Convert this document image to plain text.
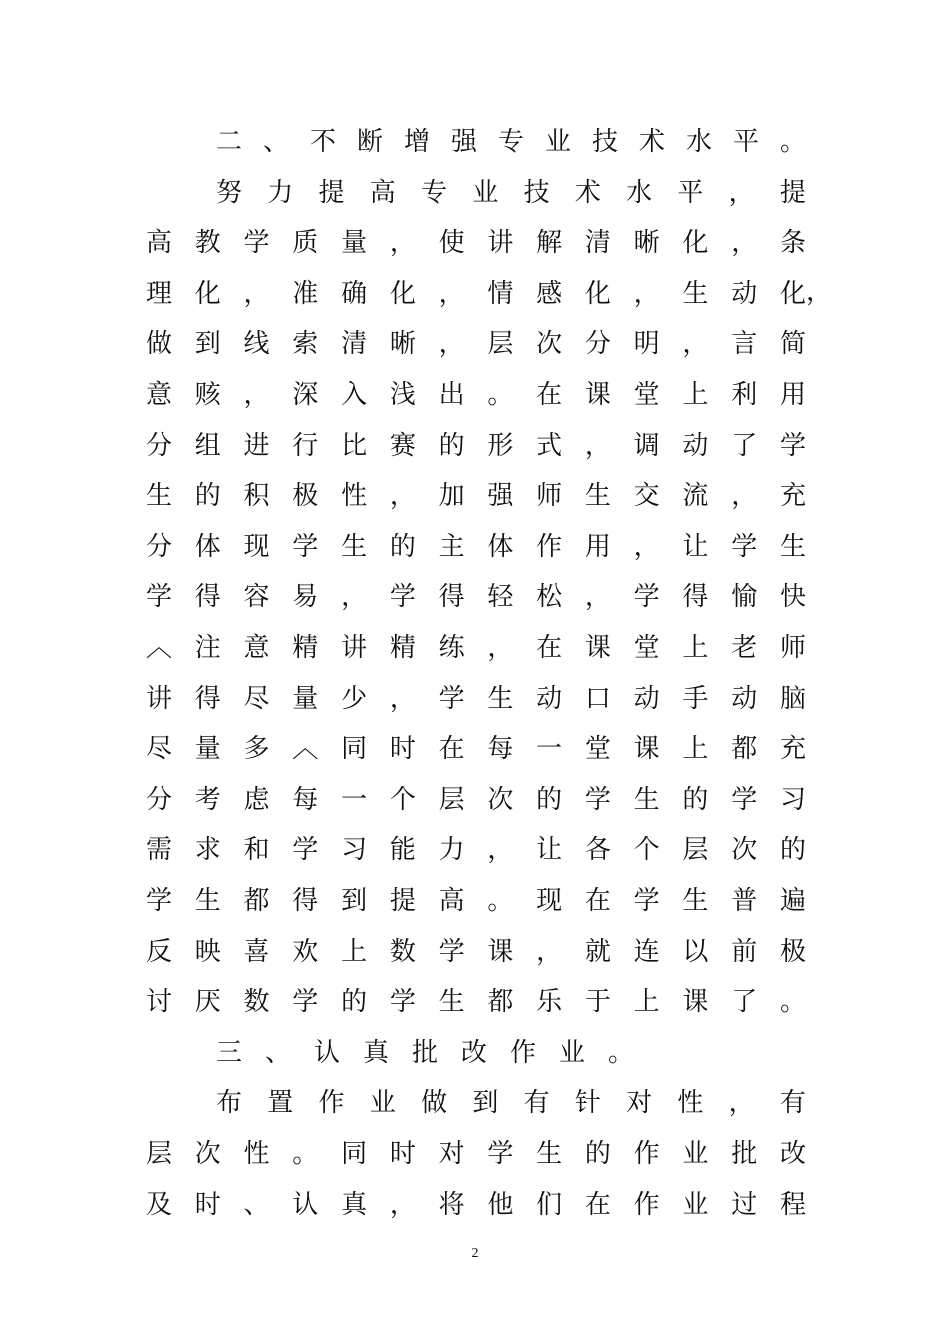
二 、 不 断 增 强 专 业 技 术 水 平 。
努 力 提 高 专 业 技 术 水 平 ， 提
高 教 学 质 量 ， 使 讲 解 清 晰 化 ， 条
理 化 ， 准 确 化 ， 情 感 化 ， 生 动 化
做 到 线 索 清 晰 ， 层 次 分 明 ， 言 简
意 赅 ， 深 入 浅 出 。 在 课 堂 上 利 用
分 组 进 行 比 赛 的 形 式 ， 调 动 了 学
生 的 积 极 性 ， 加 强 师 生 交 流 ， 充
分 体 现 学 生 的 主 体 作 用 ， 让 学 生
学 得 容 易 ， 学 得 轻 松 ， 学 得 愉 快
︿ 注 意 精 讲 精 练 ， 在 课 堂 上 老 师
讲 得 尽 量 少 ， 学 生 动 口 动 手 动 脑
尽 量 多 ︿ 同 时 在 每 一 堂 课 上 都 充
分 考 虑 每 一 个 层 次 的 学 生 的 学 习
需 求 和 学 习 能 力 ， 让 各 个 层 次 的
学 生 都 得 到 提 高 。 现 在 学 生 普 遍
反 映 喜 欢 上 数 学 课 ， 就 连 以 前 极
讨 厌 数 学 的 学 生 都 乐 于 上 课 了 。
三 、 认 真 批 改 作 业 。
布 置 作 业 做 到 有 针 对 性 ， 有
层 次 性 。 同 时 对 学 生 的 作 业 批 改
及 时 、 认 真 ， 将 他 们 在 作 业 过 程
，
2
